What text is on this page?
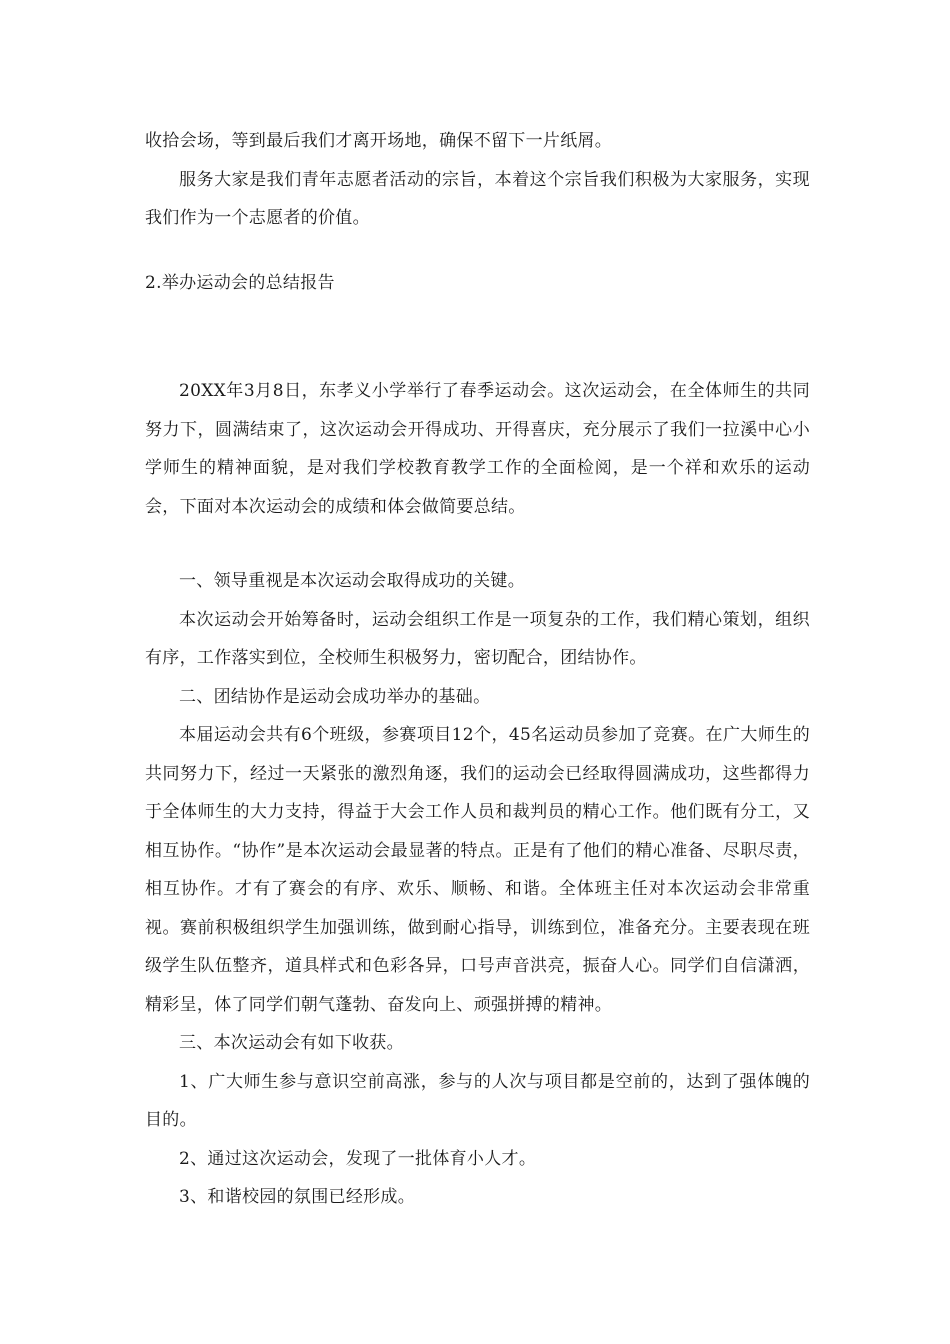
收拾会场，等到最后我们才离开场地，确保不留下一片纸屑。

服务大家是我们青年志愿者活动的宗旨，本着这个宗旨我们积极为大家服务，实现我们作为一个志愿者的价值。

2.举办运动会的总结报告

20XX年3月8日，东孝义小学举行了春季运动会。这次运动会，在全体师生的共同努力下，圆满结束了，这次运动会开得成功、开得喜庆，充分展示了我们一拉溪中心小学师生的精神面貌，是对我们学校教育教学工作的全面检阅，是一个祥和欢乐的运动会，下面对本次运动会的成绩和体会做简要总结。

一、领导重视是本次运动会取得成功的关键。

本次运动会开始筹备时，运动会组织工作是一项复杂的工作，我们精心策划，组织有序，工作落实到位，全校师生积极努力，密切配合，团结协作。

二、团结协作是运动会成功举办的基础。

本届运动会共有6个班级，参赛项目12个，45名运动员参加了竞赛。在广大师生的共同努力下，经过一天紧张的激烈角逐，我们的运动会已经取得圆满成功，这些都得力于全体师生的大力支持，得益于大会工作人员和裁判员的精心工作。他们既有分工，又相互协作。“协作”是本次运动会最显著的特点。正是有了他们的精心准备、尽职尽责，相互协作。才有了赛会的有序、欢乐、顺畅、和谐。全体班主任对本次运动会非常重视。赛前积极组织学生加强训练，做到耐心指导，训练到位，准备充分。主要表现在班级学生队伍整齐，道具样式和色彩各异，口号声音洪亮，振奋人心。同学们自信潇洒，精彩呈，体了同学们朝气蓬勃、奋发向上、顽强拼搏的精神。

三、本次运动会有如下收获。

1、广大师生参与意识空前高涨，参与的人次与项目都是空前的，达到了强体魄的目的。

2、通过这次运动会，发现了一批体育小人才。

3、和谐校园的氛围已经形成。
